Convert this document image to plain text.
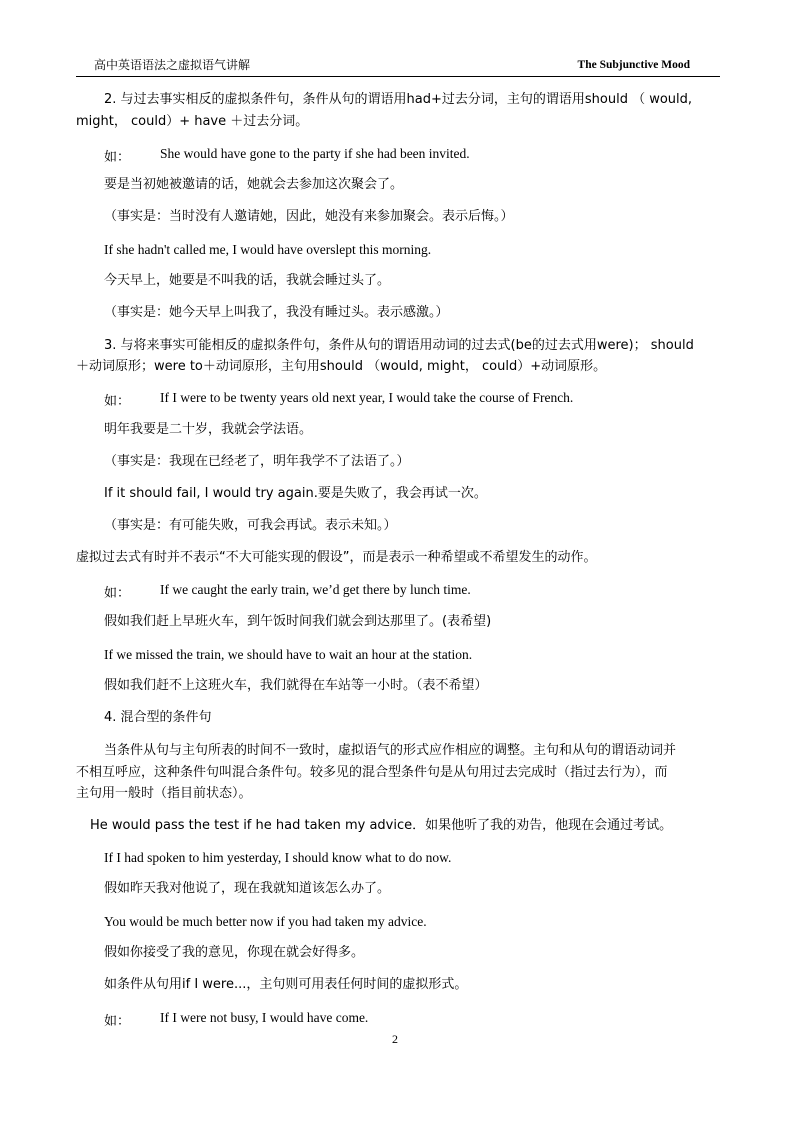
高中英语语法之虚拟语气讲解	The Subjunctive Mood
2. 与过去事实相反的虚拟条件句，条件从句的谓语用had+过去分词，主句的谓语用should （ would,
might， could）+ have ＋过去分词。
如： She would have gone to the party if she had been invited.
要是当初她被邀请的话，她就会去参加这次聚会了。
（事实是：当时没有人邀请她，因此，她没有来参加聚会。表示后悔。）
If she hadn't called me, I would have overslept this morning.
今天早上，她要是不叫我的话，我就会睡过头了。
（事实是：她今天早上叫我了，我没有睡过头。表示感激。）
3. 与将来事实可能相反的虚拟条件句，条件从句的谓语用动词的过去式(be的过去式用were)； should
＋动词原形；were to＋动词原形，主句用should （would, might， could）+动词原形。
如： If I were to be twenty years old next year, I would take the course of French.
明年我要是二十岁，我就会学法语。
（事实是：我现在已经老了，明年我学不了法语了。）
If it should fail, I would try again.要是失败了，我会再试一次。
（事实是：有可能失败，可我会再试。表示未知。）
虚拟过去式有时并不表示“不大可能实现的假设”，而是表示一种希望或不希望发生的动作。
如： If we caught the early train, we’d get there by lunch time.
假如我们赶上早班火车，到午饭时间我们就会到达那里了。(表希望)
If we missed the train, we should have to wait an hour at the station.
假如我们赶不上这班火车，我们就得在车站等一小时。（表不希望）
4. 混合型的条件句
当条件从句与主句所表的时间不一致时，虚拟语气的形式应作相应的调整。主句和从句的谓语动词并
不相互呼应，这种条件句叫混合条件句。较多见的混合型条件句是从句用过去完成时（指过去行为），而
主句用一般时（指目前状态）。
He would pass the test if he had taken my advice．如果他听了我的劝告，他现在会通过考试。
If I had spoken to him yesterday, I should know what to do now.
假如昨天我对他说了，现在我就知道该怎么办了。
You would be much better now if you had taken my advice.
假如你接受了我的意见，你现在就会好得多。
如条件从句用if I were...，主句则可用表任何时间的虚拟形式。
如： If I were not busy, I would have come.
2
